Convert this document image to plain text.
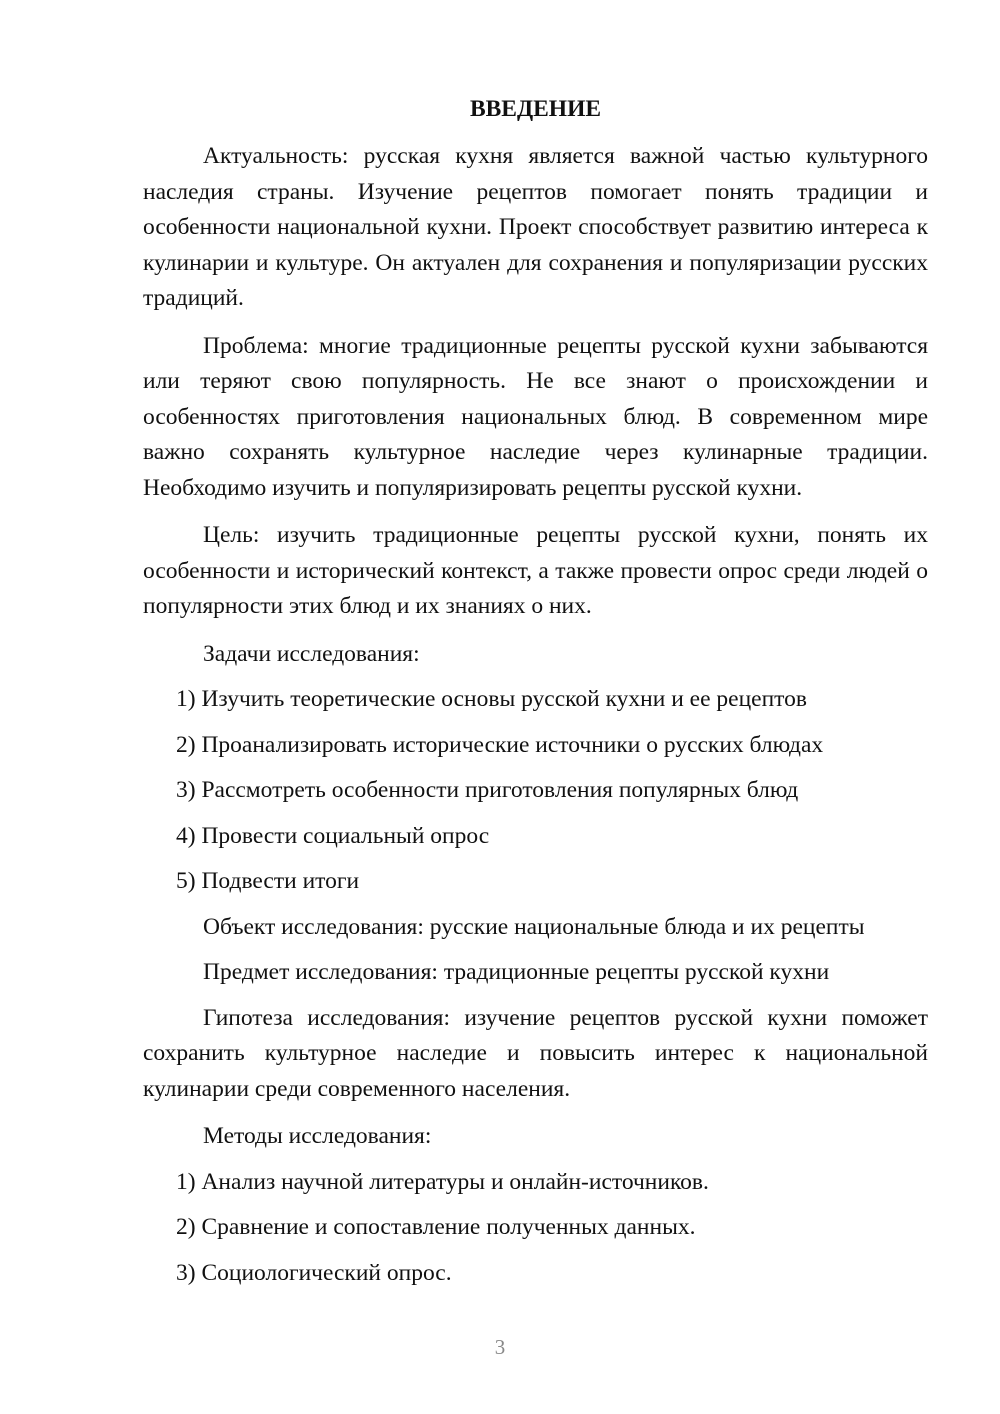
ВВЕДЕНИЕ

Актуальность: русская кухня является важной частью культурного наследия страны. Изучение рецептов помогает понять традиции и особенности национальной кухни. Проект способствует развитию интереса к кулинарии и культуре. Он актуален для сохранения и популяризации русских традиций.

Проблема: многие традиционные рецепты русской кухни забываются или теряют свою популярность. Не все знают о происхождении и особенностях приготовления национальных блюд. В современном мире важно сохранять культурное наследие через кулинарные традиции. Необходимо изучить и популяризировать рецепты русской кухни.

Цель: изучить традиционные рецепты русской кухни, понять их особенности и исторический контекст, а также провести опрос среди людей о популярности этих блюд и их знаниях о них.

Задачи исследования:
1) Изучить теоретические основы русской кухни и ее рецептов
2) Проанализировать исторические источники о русских блюдах
3) Рассмотреть особенности приготовления популярных блюд
4) Провести социальный опрос
5) Подвести итоги
Объект исследования: русские национальные блюда и их рецепты
Предмет исследования: традиционные рецепты русской кухни

Гипотеза исследования: изучение рецептов русской кухни поможет сохранить культурное наследие и повысить интерес к национальной кулинарии среди современного населения.

Методы исследования:
1) Анализ научной литературы и онлайн-источников.
2) Сравнение и сопоставление полученных данных.
3) Социологический опрос.
3
